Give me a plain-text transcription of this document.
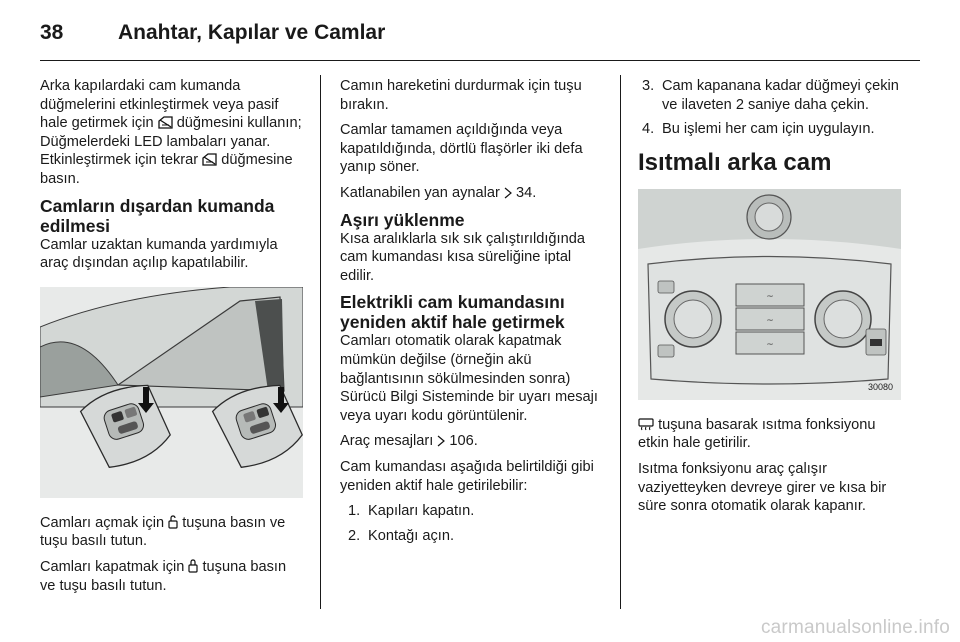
38	Anahtar, Kapılar ve Camlar

Arka kapılardaki cam kumanda düğmelerini etkinleştirmek veya pasif hale getirmek için düğmesini kullanın; Düğmelerdeki LED lambaları yanar. Etkinleştirmek için tekrar düğmesine basın.

Camların dışardan kumanda edilmesi

Camlar uzaktan kumanda yardımıyla araç dışından açılıp kapatılabilir.

Camları açmak için tuşuna basın ve tuşu basılı tutun.

Camları kapatmak için tuşuna basın ve tuşu basılı tutun.

Camın hareketini durdurmak için tuşu bırakın.

Camlar tamamen açıldığında veya kapatıldığında, dörtlü flaşörler iki defa yanıp söner.

Katlanabilen yan aynalar 34.

Aşırı yüklenme

Kısa aralıklarla sık sık çalıştırıldığında cam kumandası kısa süreliğine iptal edilir.

Elektrikli cam kumandasını yeniden aktif hale getirmek

Camları otomatik olarak kapatmak mümkün değilse (örneğin akü bağlantısının sökülmesinden sonra) Sürücü Bilgi Sisteminde bir uyarı mesajı veya uyarı kodu görüntülenir.

Araç mesajları 106.

Cam kumandası aşağıda belirtildiği gibi yeniden aktif hale getirilebilir:

1. Kapıları kapatın.
2. Kontağı açın.
3. Cam kapanana kadar düğmeyi çekin ve ilaveten 2 saniye daha çekin.
4. Bu işlemi her cam için uygulayın.
Isıtmalı arka cam
~
~
~
30080

tuşuna basarak ısıtma fonksiyonu etkin hale getirilir.

Isıtma fonksiyonu araç çalışır vaziyetteyken devreye girer ve kısa bir süre sonra otomatik olarak kapanır.

carmanualsonline.info
